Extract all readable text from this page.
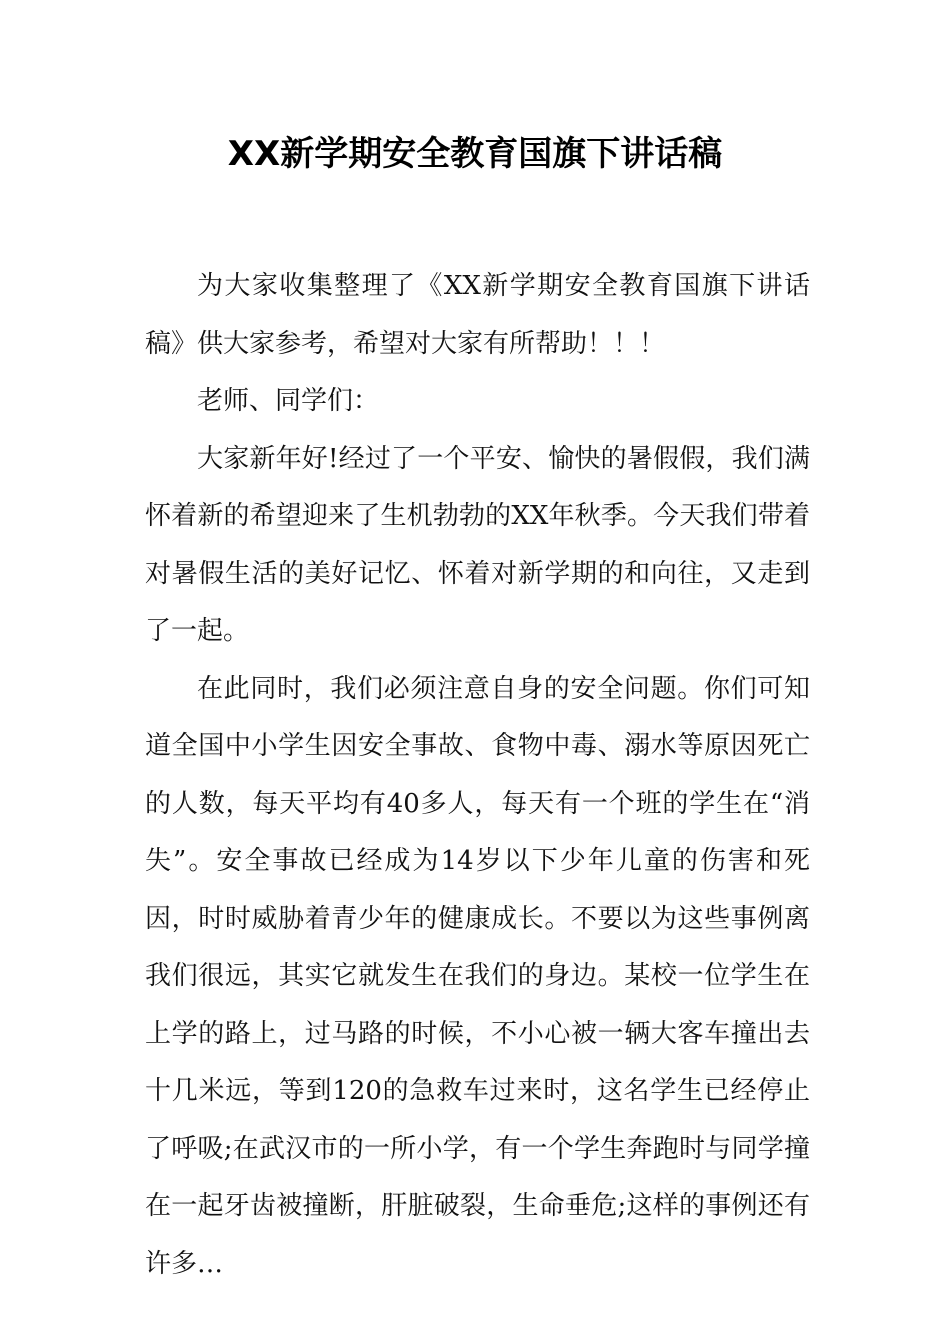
XX新学期安全教育国旗下讲话稿

为大家收集整理了《XX新学期安全教育国旗下讲话稿》供大家参考，希望对大家有所帮助！！！

老师、同学们：

大家新年好!经过了一个平安、愉快的暑假假，我们满怀着新的希望迎来了生机勃勃的XX年秋季。今天我们带着对暑假生活的美好记忆、怀着对新学期的和向往，又走到了一起。

在此同时，我们必须注意自身的安全问题。你们可知道全国中小学生因安全事故、食物中毒、溺水等原因死亡的人数，每天平均有40多人，每天有一个班的学生在“消失”。安全事故已经成为14岁以下少年儿童的伤害和死因，时时威胁着青少年的健康成长。不要以为这些事例离我们很远，其实它就发生在我们的身边。某校一位学生在上学的路上，过马路的时候，不小心被一辆大客车撞出去十几米远，等到120的急救车过来时，这名学生已经停止了呼吸;在武汉市的一所小学，有一个学生奔跑时与同学撞在一起牙齿被撞断，肝脏破裂，生命垂危;这样的事例还有许多…
